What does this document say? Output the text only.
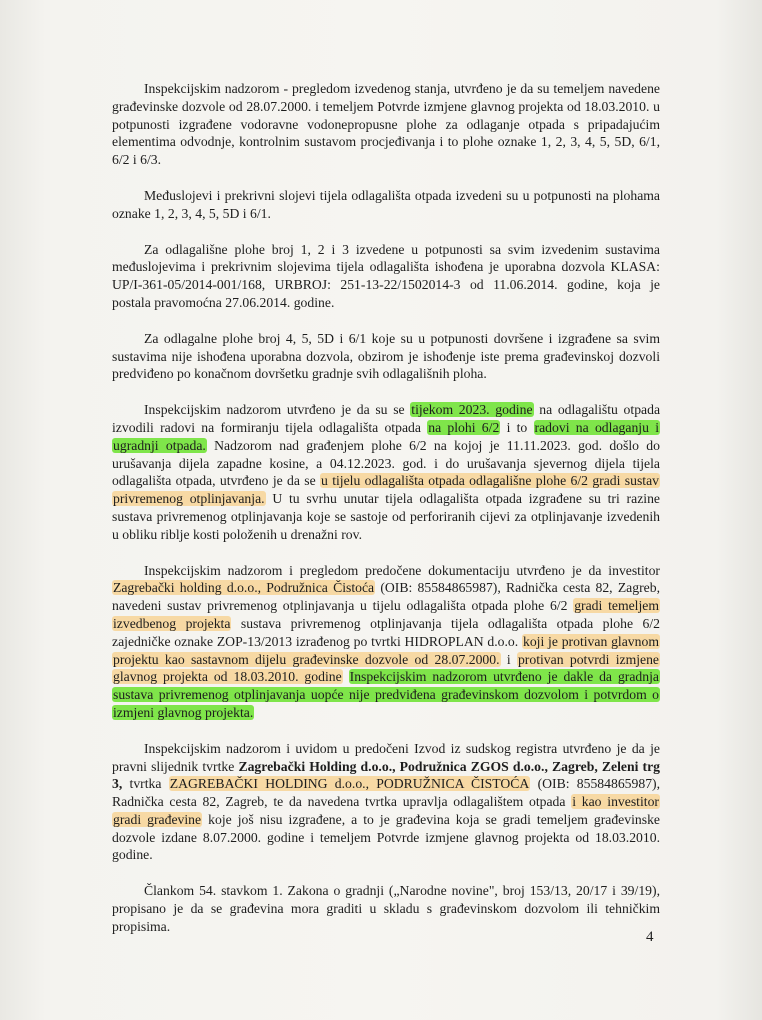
Inspekcijskim nadzorom - pregledom izvedenog stanja, utvrđeno je da su temeljem navedene građevinske dozvole od 28.07.2000. i temeljem Potvrde izmjene glavnog projekta od 18.03.2010. u potpunosti izgrađene vodoravne vodonepropusne plohe za odlaganje otpada s pripadajućim elementima odvodnje, kontrolnim sustavom procjeđivanja i to plohe oznake 1, 2, 3, 4, 5, 5D, 6/1, 6/2 i 6/3.

Međuslojevi i prekrivni slojevi tijela odlagališta otpada izvedeni su u potpunosti na plohama oznake 1, 2, 3, 4, 5, 5D i 6/1.

Za odlagališne plohe broj 1, 2 i 3 izvedene u potpunosti sa svim izvedenim sustavima međuslojevima i prekrivnim slojevima tijela odlagališta ishođena je uporabna dozvola KLASA: UP/I-361-05/2014-001/168, URBROJ: 251-13-22/1502014-3 od 11.06.2014. godine, koja je postala pravomoćna 27.06.2014. godine.

Za odlagalne plohe broj 4, 5, 5D i 6/1 koje su u potpunosti dovršene i izgrađene sa svim sustavima nije ishođena uporabna dozvola, obzirom je ishođenje iste prema građevinskoj dozvoli predviđeno po konačnom dovršetku gradnje svih odlagališnih ploha.

Inspekcijskim nadzorom utvrđeno je da su se tijekom 2023. godine na odlagalištu otpada izvodili radovi na formiranju tijela odlagališta otpada na plohi 6/2 i to radovi na odlaganju i ugradnji otpada. Nadzorom nad građenjem plohe 6/2 na kojoj je 11.11.2023. god. došlo do urušavanja dijela zapadne kosine, a 04.12.2023. god. i do urušavanja sjevernog dijela tijela odlagališta otpada, utvrđeno je da se u tijelu odlagališta otpada odlagališne plohe 6/2 gradi sustav privremenog otplinjavanja. U tu svrhu unutar tijela odlagališta otpada izgrađene su tri razine sustava privremenog otplinjavanja koje se sastoje od perforiranih cijevi za otplinjavanje izvedenih u obliku riblje kosti položenih u drenažni rov.

Inspekcijskim nadzorom i pregledom predočene dokumentaciju utvrđeno je da investitor Zagrebački holding d.o.o., Podružnica Čistoća (OIB: 85584865987), Radnička cesta 82, Zagreb, navedeni sustav privremenog otplinjavanja u tijelu odlagališta otpada plohe 6/2 gradi temeljem izvedbenog projekta sustava privremenog otplinjavanja tijela odlagališta otpada plohe 6/2 zajedničke oznake ZOP-13/2013 izrađenog po tvrtki HIDROPLAN d.o.o. koji je protivan glavnom projektu kao sastavnom dijelu građevinske dozvole od 28.07.2000. i protivan potvrdi izmjene glavnog projekta od 18.03.2010. godine Inspekcijskim nadzorom utvrđeno je dakle da gradnja sustava privremenog otplinjavanja uopće nije predviđena građevinskom dozvolom i potvrdom o izmjeni glavnog projekta.

Inspekcijskim nadzorom i uvidom u predočeni Izvod iz sudskog registra utvrđeno je da je pravni slijednik tvrtke Zagrebački Holding d.o.o., Podružnica ZGOS d.o.o., Zagreb, Zeleni trg 3, tvrtka ZAGREBAČKI HOLDING d.o.o., PODRUŽNICA ČISTOĆA (OIB: 85584865987), Radnička cesta 82, Zagreb, te da navedena tvrtka upravlja odlagalištem otpada i kao investitor gradi građevine koje još nisu izgrađene, a to je građevina koja se gradi temeljem građevinske dozvole izdane 8.07.2000. godine i temeljem Potvrde izmjene glavnog projekta od 18.03.2010. godine.

Člankom 54. stavkom 1. Zakona o gradnji („Narodne novine", broj 153/13, 20/17 i 39/19), propisano je da se građevina mora graditi u skladu s građevinskom dozvolom ili tehničkim propisima.

4
